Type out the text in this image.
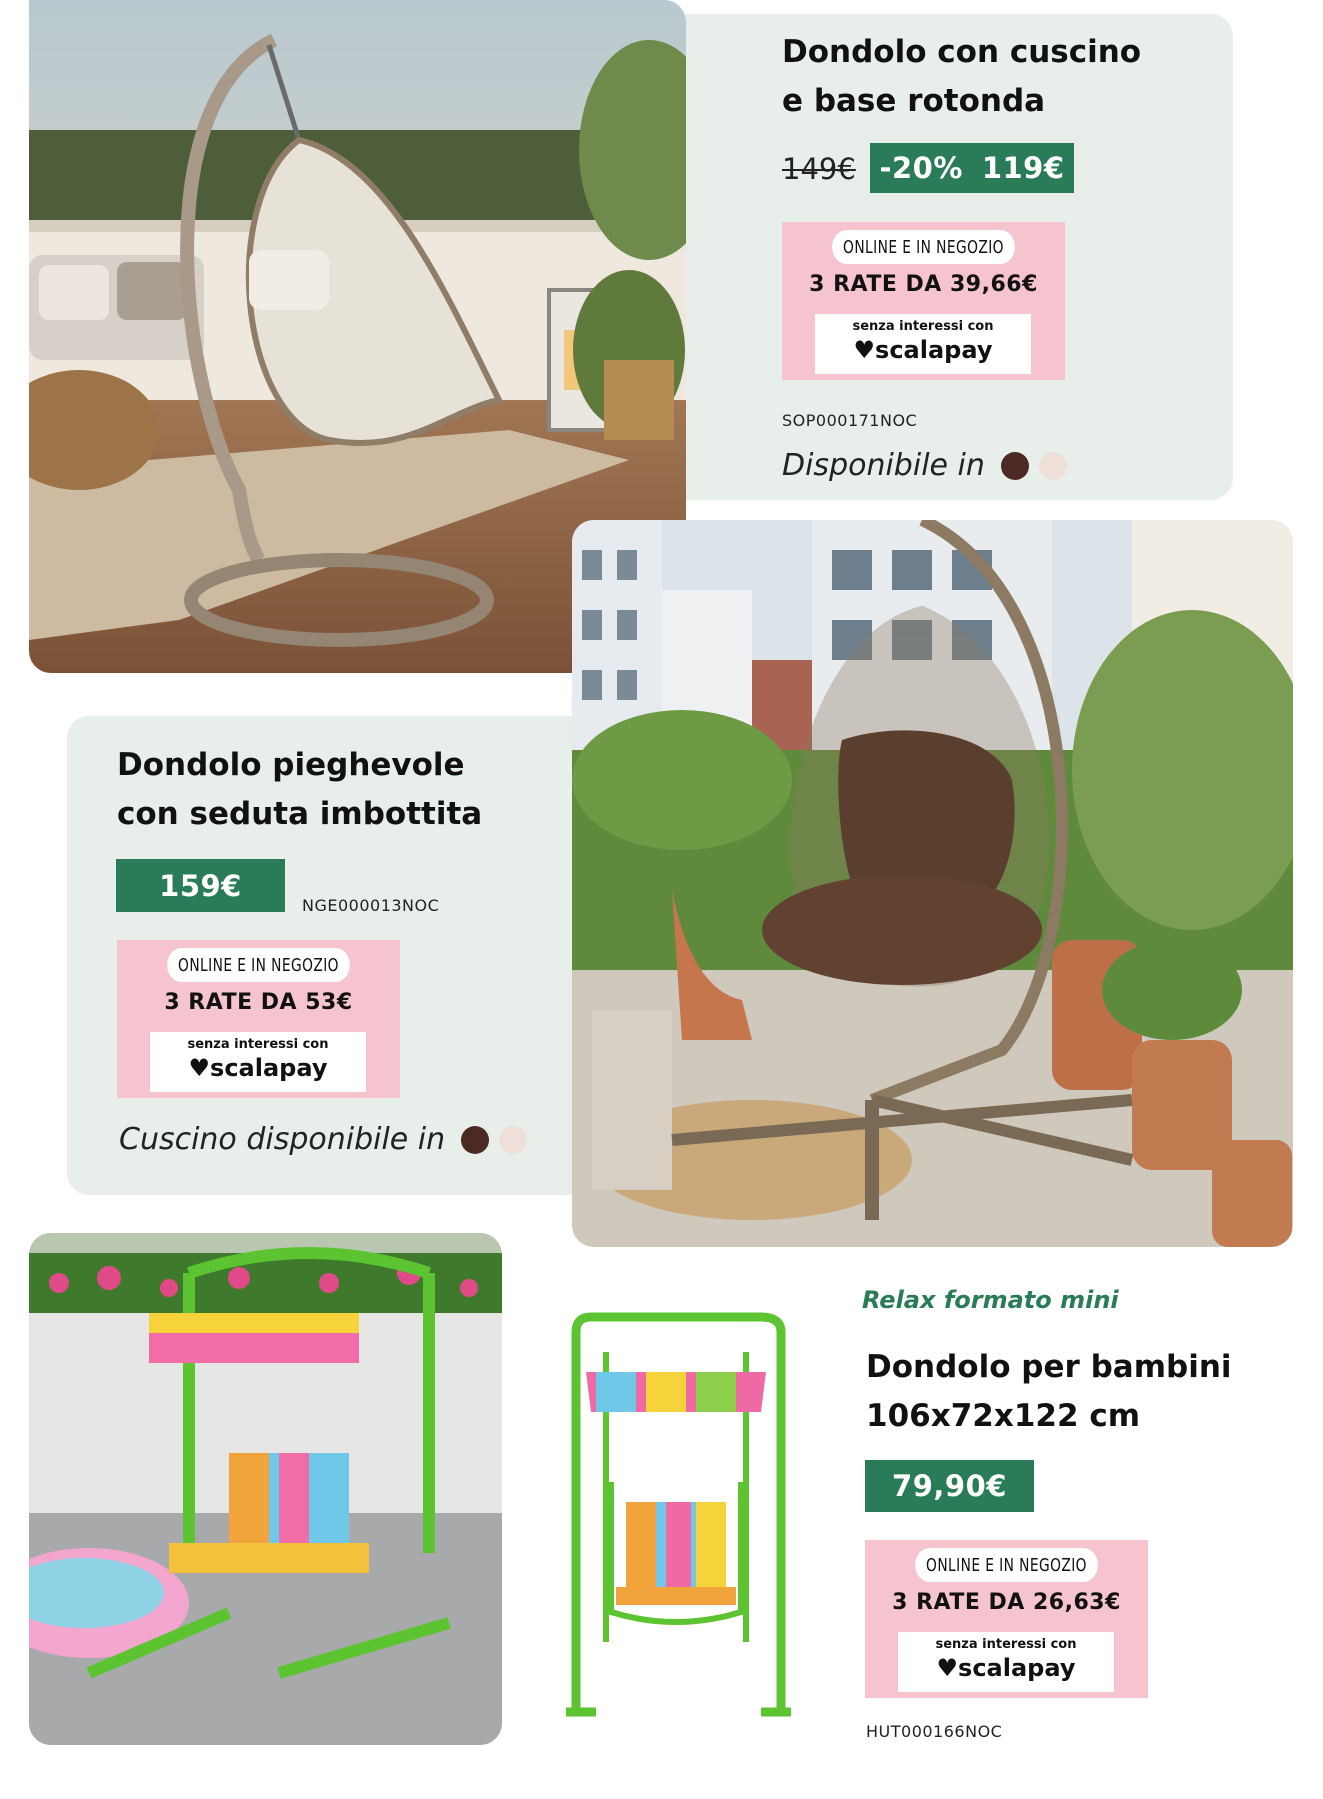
Dondolo con cuscino
e base rotonda
149€ -20% 119€
ONLINE E IN NEGOZIO
3 RATE DA 39,66€
senza interessi con
♥scalapay
SOP000171NOC
Disponibile in
Dondolo pieghevole
con seduta imbottita
159€
NGE000013NOC
ONLINE E IN NEGOZIO
3 RATE DA 53€
senza interessi con
♥scalapay
Cuscino disponibile in
Relax formato mini
Dondolo per bambini
106x72x122 cm
79,90€
ONLINE E IN NEGOZIO
3 RATE DA 26,63€
senza interessi con
♥scalapay
HUT000166NOC
